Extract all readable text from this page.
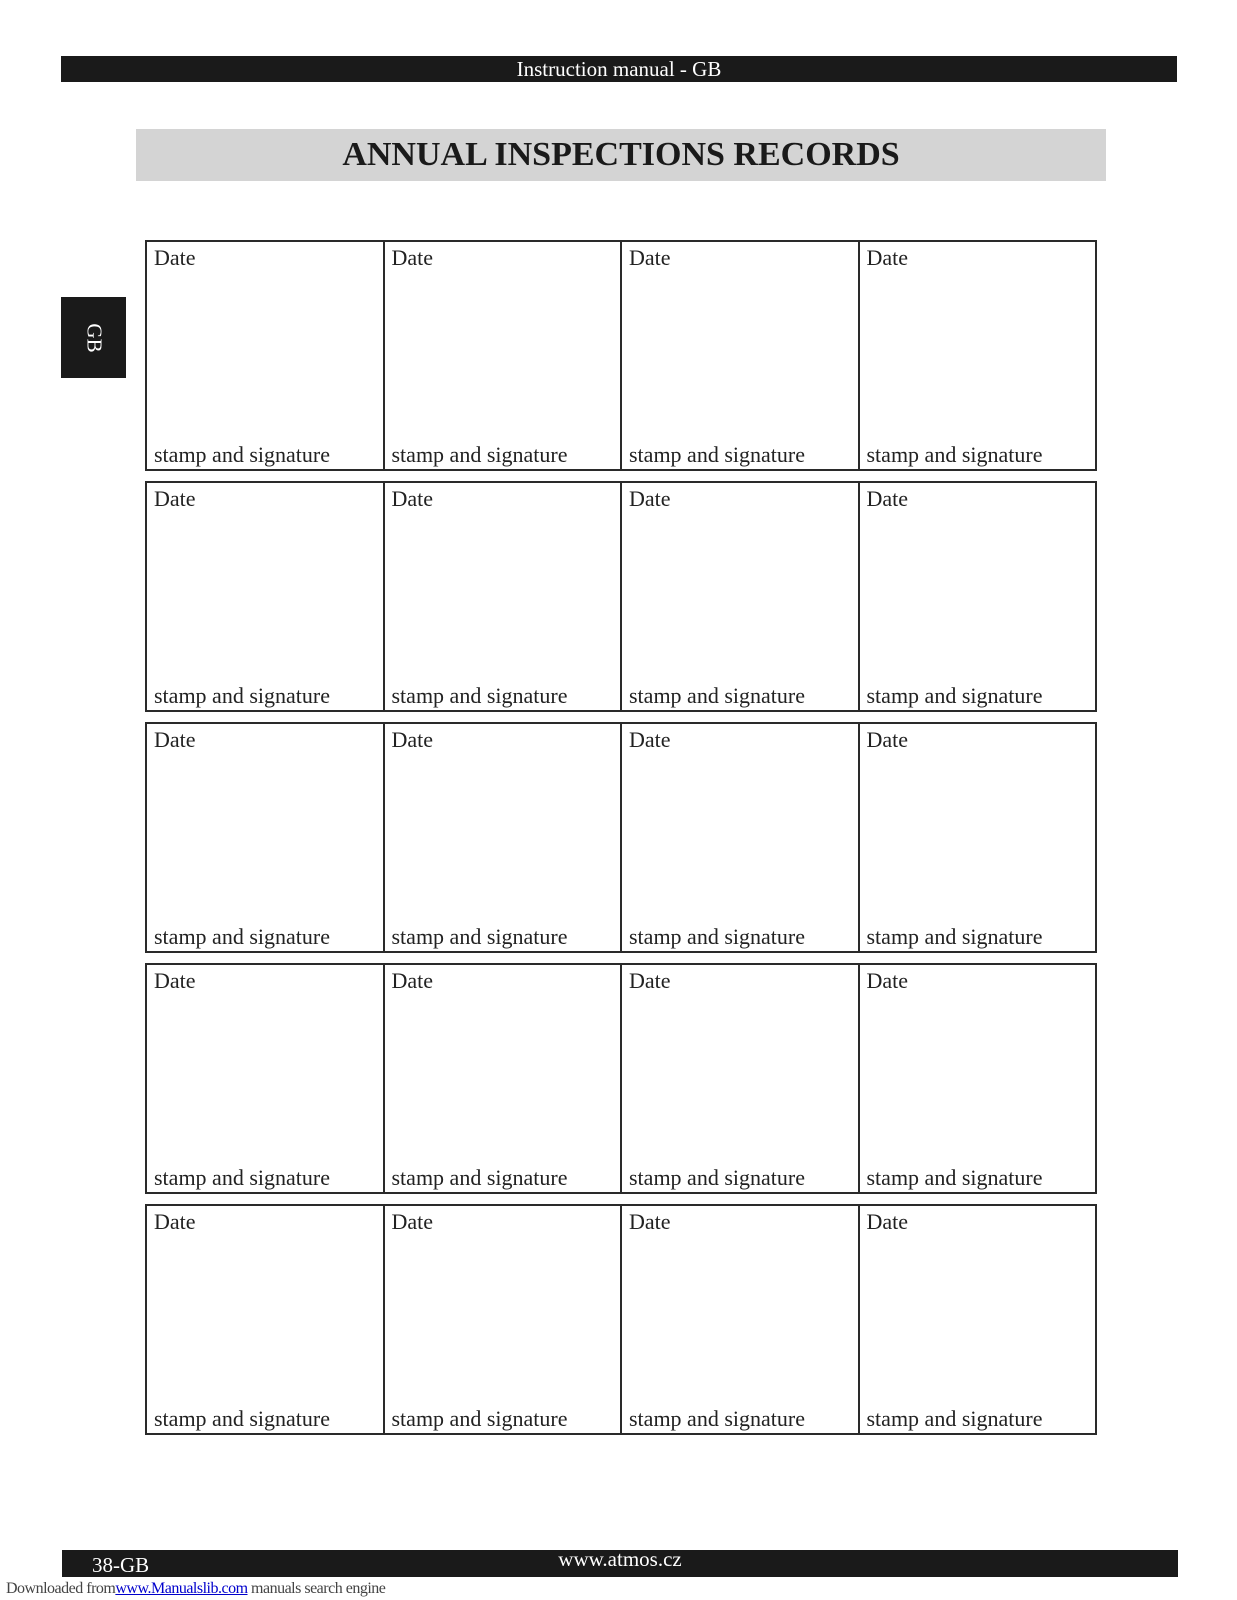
Instruction manual - GB
ANNUAL INSPECTIONS RECORDS
GB
Date
stamp and signature
Date
stamp and signature
Date
stamp and signature
Date
stamp and signature
Date
stamp and signature
Date
stamp and signature
Date
stamp and signature
Date
stamp and signature
Date
stamp and signature
Date
stamp and signature
Date
stamp and signature
Date
stamp and signature
Date
stamp and signature
Date
stamp and signature
Date
stamp and signature
Date
stamp and signature
Date
stamp and signature
Date
stamp and signature
Date
stamp and signature
Date
stamp and signature
38-GB	www.atmos.cz
Downloaded fromwww.Manualslib.com manuals search engine
